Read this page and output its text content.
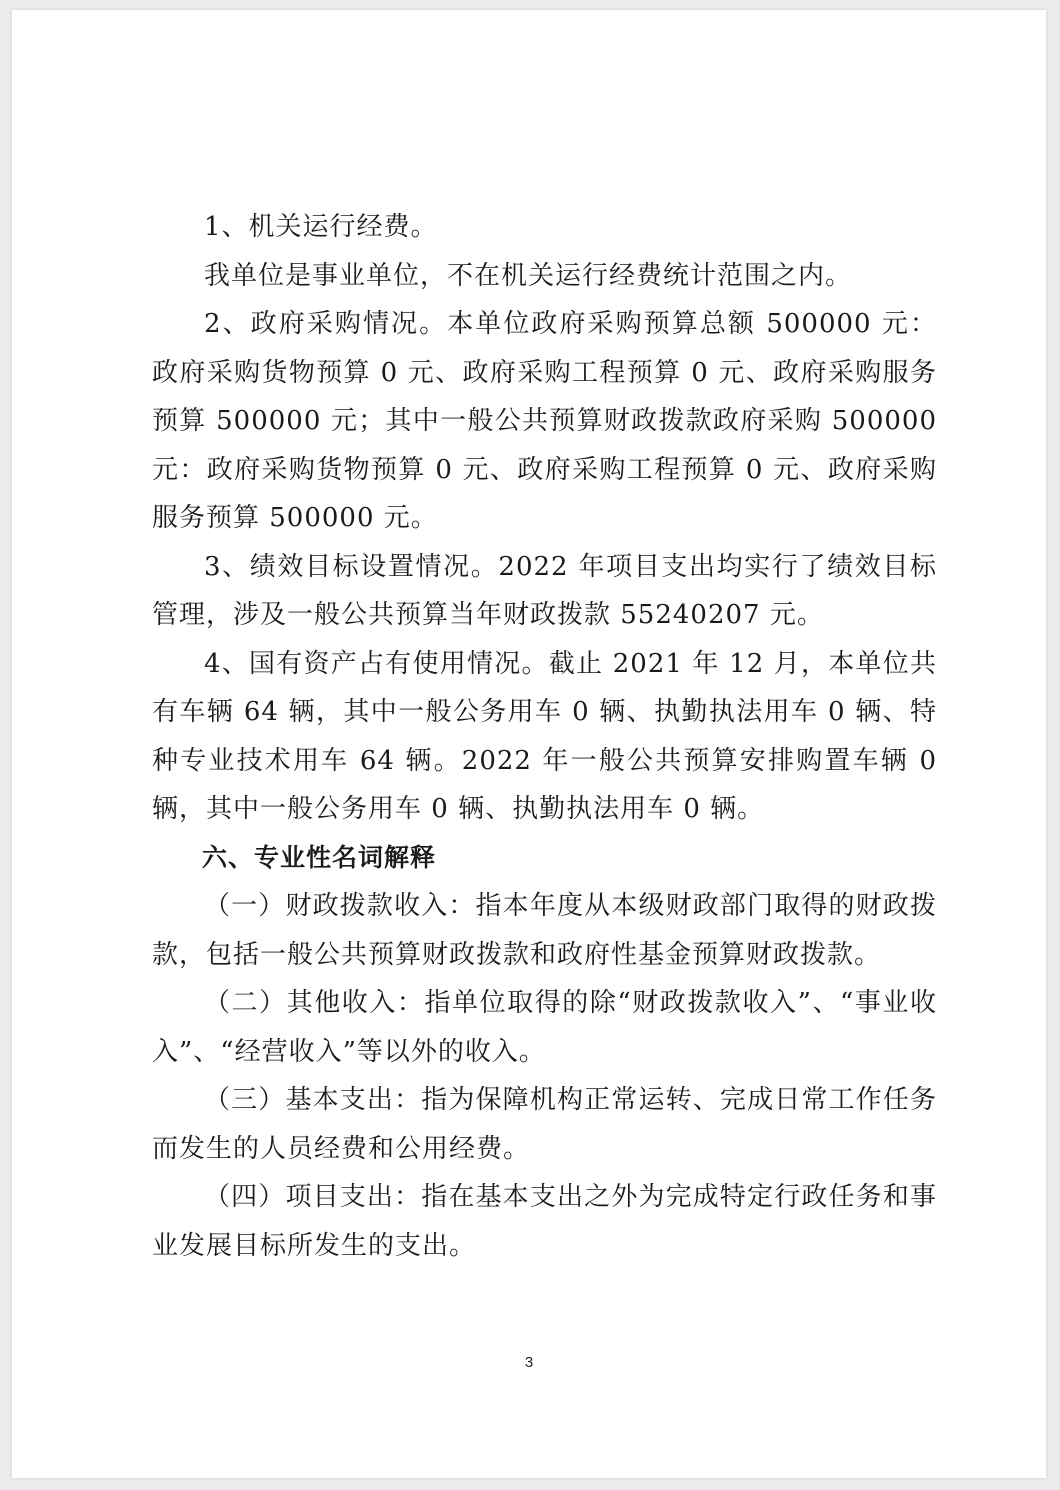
1、机关运行经费。

我单位是事业单位，不在机关运行经费统计范围之内。

2、政府采购情况。本单位政府采购预算总额 500000 元：政府采购货物预算 0 元、政府采购工程预算 0 元、政府采购服务预算 500000 元；其中一般公共预算财政拨款政府采购 500000 元：政府采购货物预算 0 元、政府采购工程预算 0 元、政府采购服务预算 500000 元。

3、绩效目标设置情况。2022 年项目支出均实行了绩效目标管理，涉及一般公共预算当年财政拨款 55240207 元。

4、国有资产占有使用情况。截止 2021 年 12 月，本单位共有车辆 64 辆，其中一般公务用车 0 辆、执勤执法用车 0 辆、特种专业技术用车 64 辆。2022 年一般公共预算安排购置车辆 0 辆，其中一般公务用车 0 辆、执勤执法用车 0 辆。

六、专业性名词解释

（一）财政拨款收入：指本年度从本级财政部门取得的财政拨款，包括一般公共预算财政拨款和政府性基金预算财政拨款。

（二）其他收入：指单位取得的除“财政拨款收入”、“事业收入”、“经营收入”等以外的收入。

（三）基本支出：指为保障机构正常运转、完成日常工作任务而发生的人员经费和公用经费。

（四）项目支出：指在基本支出之外为完成特定行政任务和事业发展目标所发生的支出。

3
